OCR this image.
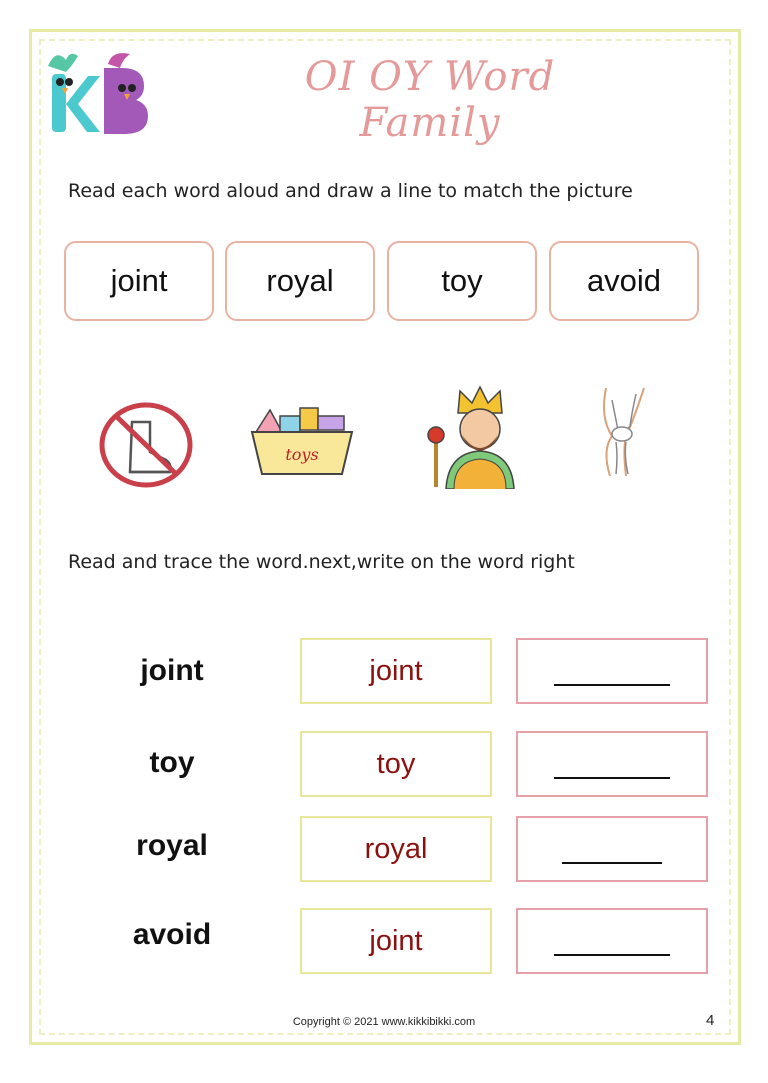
OI OY Word Family
Read each word aloud and draw a line to match the picture
joint	royal	toy	avoid
toys
Read and trace the word.next,write on the word right
joint	joint
toy	toy
royal	royal
avoid	joint
Copyright © 2021 www.kikkibikki.com	4
